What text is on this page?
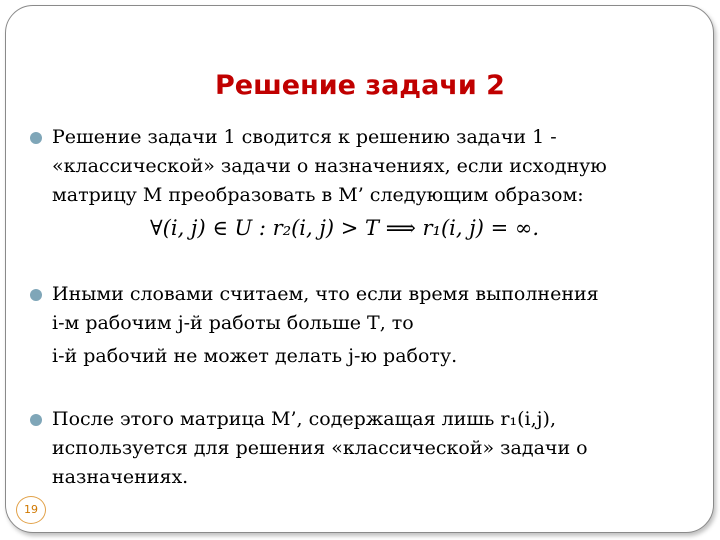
Решение задачи 2
Решение задачи 1 сводится к решению задачи 1 -
«классической» задачи о назначениях, если исходную
матрицу М преобразовать в М’ следующим образом:
∀(i, j) ∈ U : r₂(i, j) > T ⟹ r₁(i, j) = ∞.
Иными словами считаем, что если время выполнения
i-м рабочим j-й работы больше Т, то
i-й рабочий не может делать j-ю работу.
После этого матрица М’, содержащая лишь r₁(i,j),
используется для решения «классической» задачи о
назначениях.
19
